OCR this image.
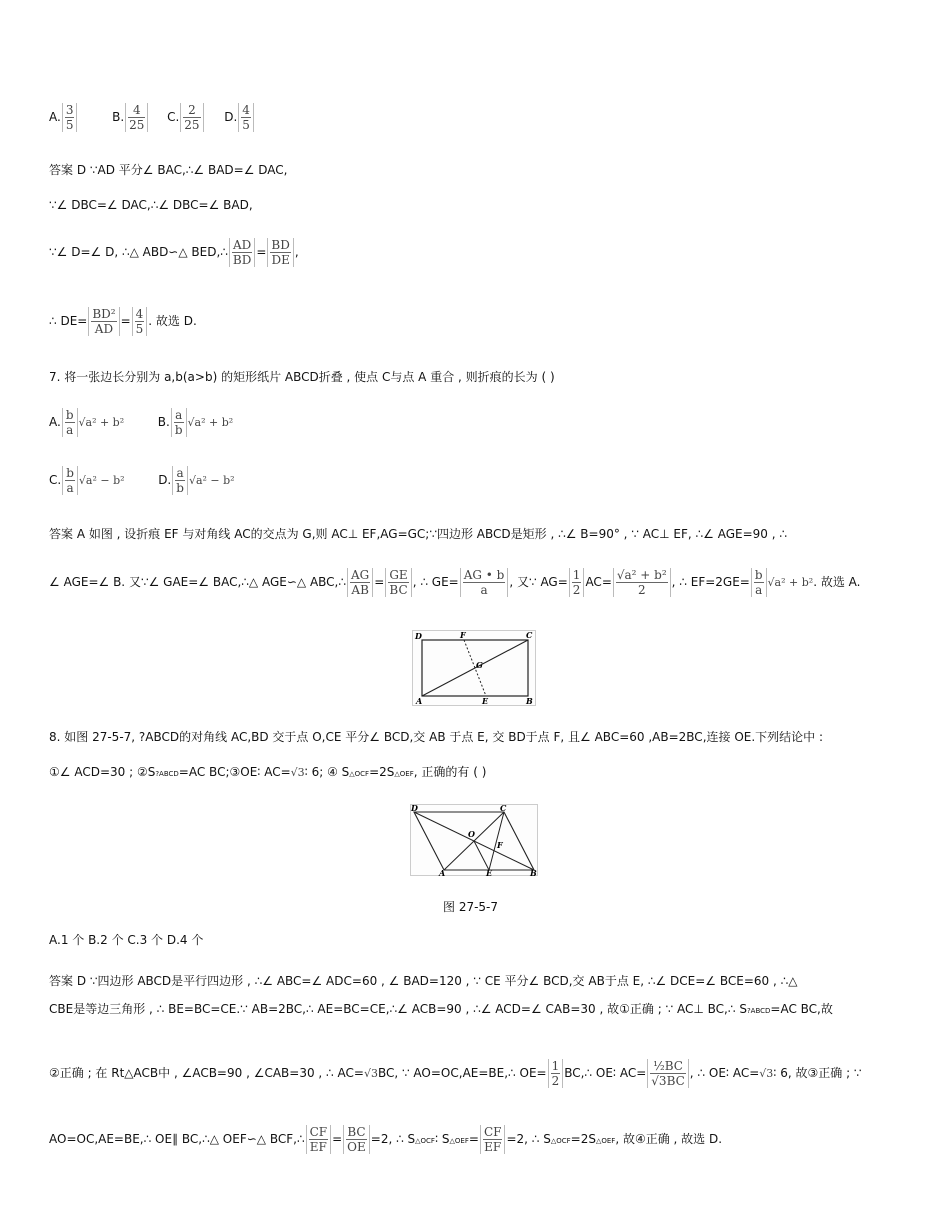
A. $\frac{3}{5}$	B. $\frac{4}{25} C$. $\frac{2}{25} D$. $\frac{4}{5}$
答案 D ∵AD 平分∠ BAC,∴∠ BAD=∠ DAC,
∵∠ DBC=∠ DAC,∴∠ DBC=∠ BAD,
∵∠ D=∠ D, ∴△ ABD∽△ BED,∴ $\frac{AD}{BD} = \frac{BD}{DE}$ ,
∴ $DE= \frac{\text{BD²}}{AD} = \frac{4}{5}$ . 故选 D.
7. 将一张边长分别为 a,b(a>b) 的矩形纸片 ABCD折叠 , 使点 C与点 A 重合 , 则折痕的长为 ( )
A. $\frac{b}{a} √a^2 + b^2$	B. $\frac{a}{b} √a^2 + b^2$
C. $\frac{b}{a} √a^2 - b^2$	D. $\frac{a}{b} √a^2 - b^2$
答案 A 如图 , 设折痕 EF 与对角线 AC的交点为 G,则 AC⊥ EF,AG=GC;∵四边形 ABCD是矩形 , ∴∠ B=90° , ∵ AC⊥ EF, ∴∠ AGE=90 , ∴
∠ AGE=∠ B. 又∵∠ GAE=∠ BAC,∴△ AGE∽△ ABC,∴ $\frac{AG}{AB} = \frac{GE}{BC}$ , ∴ $GE= \frac{AG • b}{a}$ , 又∵ $AG= \frac{1}{2} AC= \frac{\text{√a² + b²}}{2}$ , ∴ $EF=2GE= \frac{b}{a} √a^2 + b^2$. 故选 A.
D	F	C
G
A	E	B
8. 如图 27-5-7, ?ABCD的对角线 AC,BD 交于点 O,CE 平分∠ BCD,交 AB 于点 E, 交 BD于点 F, 且∠ ABC=60 ,AB=2BC,连接 OE.下列结论中 :
①∠ ACD=30 ; ②S?ABCD=AC BC;③OE∶ AC=√3∶ 6; ④ S△OCF=2S△OEF, 正确的有 ( )
D	C
O
F
A	E	B
图 27-5-7
A.1 个 B.2 个 C.3 个 D.4 个
答案 D ∵四边形 ABCD是平行四边形 , ∴∠ ABC=∠ ADC=60 , ∠ BAD=120 , ∵ CE 平分∠ BCD,交 AB于点 E, ∴∠ DCE=∠ BCE=60 , ∴△
CBE是等边三角形 , ∴ BE=BC=CE.∵ AB=2BC,∴ AE=BC=CE,∴∠ ACB=90 , ∴∠ ACD=∠ CAB=30 , 故①正确 ; ∵ AC⊥ BC,∴ S?ABCD=AC BC,故
②正确 ; 在 Rt△ACB中 , ∠ACB=90 , ∠CAB=30 , ∴ AC=√3BC, ∵ AO=OC,AE=BE,∴ $OE= \frac{1}{2}$ BC,∴ OE∶ $AC= \frac{\text{½BC}}{√3BC}$ , ∴ OE∶ AC=√3∶ 6, 故③正确 ; ∵
AO=OC,AE=BE,∴ OE∥ BC,∴△ OEF∽△ BCF,∴ $\frac{CF}{EF} = \frac{BC}{OE} =2$, ∴ S△OCF∶ S△OEF= $\frac{CF}{EF} =2$, ∴ S△OCF=2S△OEF, 故④正确 , 故选 D.
